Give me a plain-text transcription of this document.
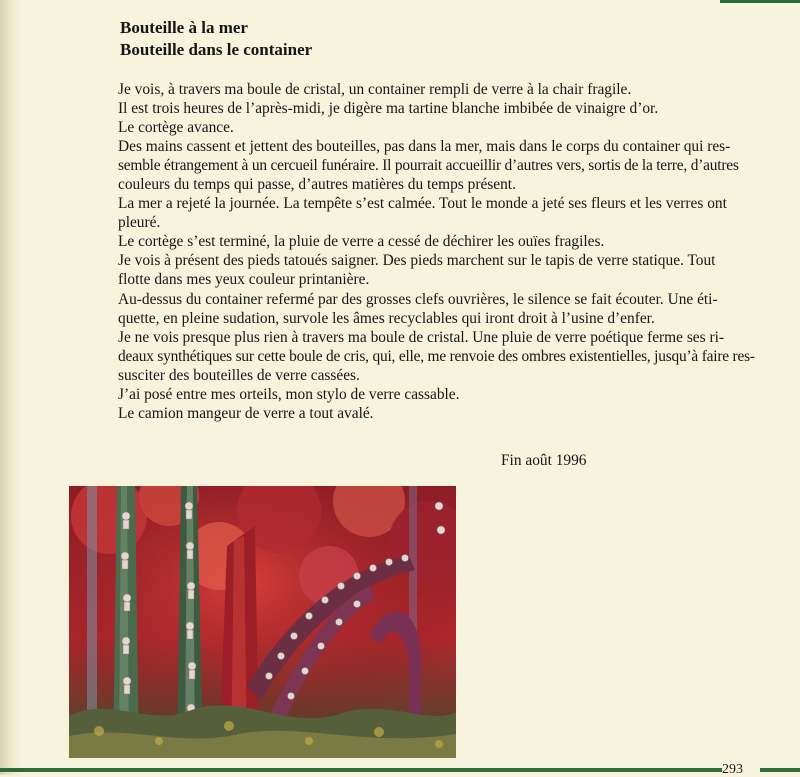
Bouteille à la mer
Bouteille dans le container
Je vois, à travers ma boule de cristal, un container rempli de verre à la chair fragile.
Il est trois heures de l’après-midi, je digère ma tartine blanche imbibée de vinaigre d’or.
Le cortège avance.
Des mains cassent et jettent des bouteilles, pas dans la mer, mais dans le corps du container qui res-
semble étrangement à un cercueil funéraire. Il pourrait accueillir d’autres vers, sortis de la terre, d’autres
couleurs du temps qui passe, d’autres matières du temps présent.
La mer a rejeté la journée. La tempête s’est calmée. Tout le monde a jeté ses fleurs et les verres ont
pleuré.
Le cortège s’est terminé, la pluie de verre a cessé de déchirer les ouïes fragiles.
Je vois à présent des pieds tatoués saigner. Des pieds marchent sur le tapis de verre statique. Tout
flotte dans mes yeux couleur printanière.
Au-dessus du container refermé par des grosses clefs ouvrières, le silence se fait écouter. Une éti-
quette, en pleine sudation, survole les âmes recyclables qui iront droit à l’usine d’enfer.
Je ne vois presque plus rien à travers ma boule de cristal. Une pluie de verre poétique ferme ses ri-
deaux synthétiques sur cette boule de cris, qui, elle, me renvoie des ombres existentielles, jusqu’à faire res-
susciter des bouteilles de verre cassées.
J’ai posé entre mes orteils, mon stylo de verre cassable.
Le camion mangeur de verre a tout avalé.
Fin août 1996
293
